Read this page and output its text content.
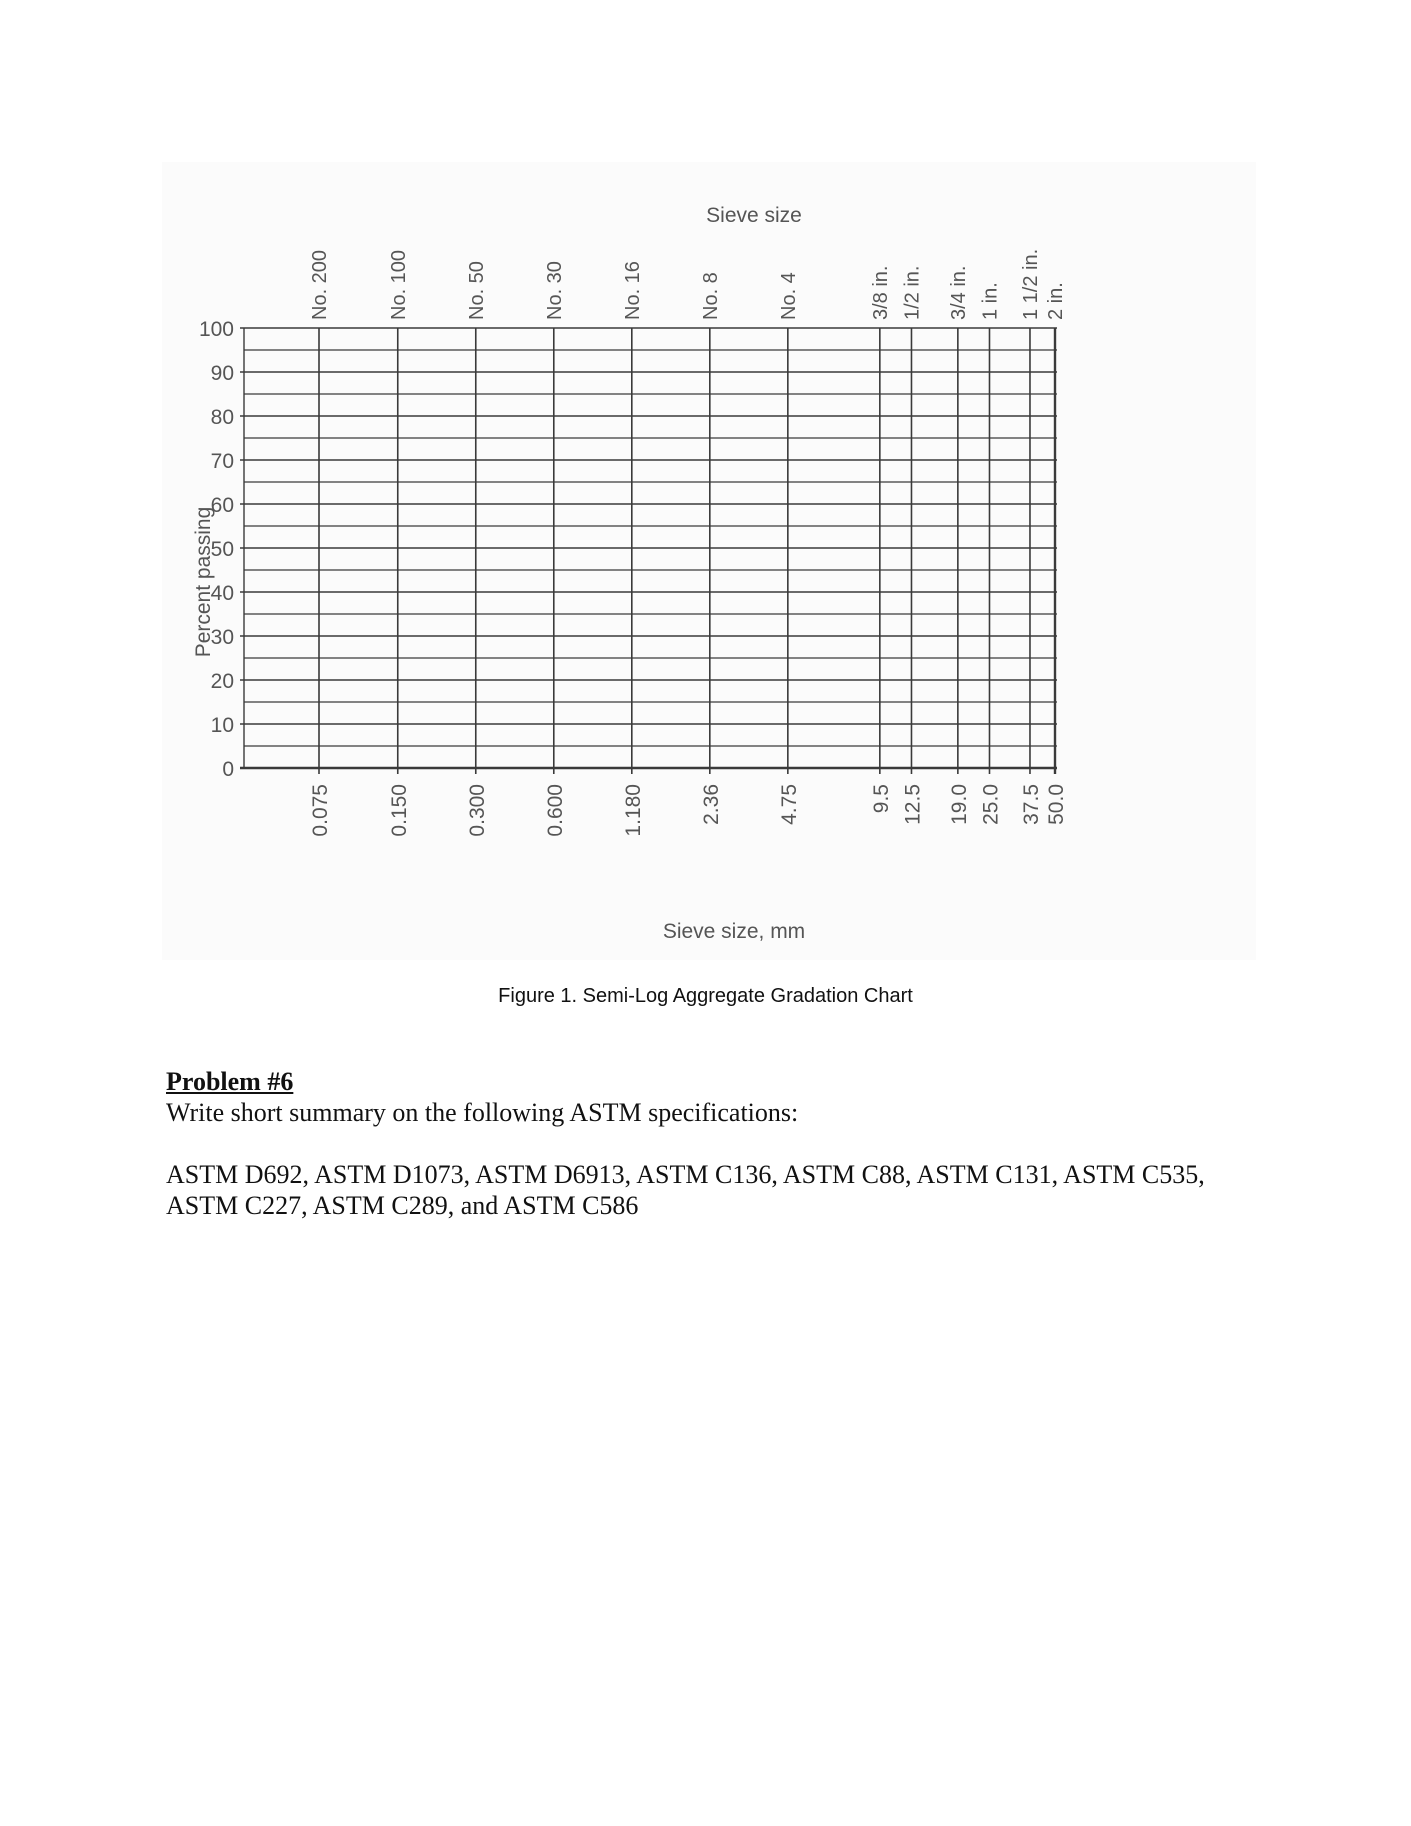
0
10
20
30
40
50
60
70
80
90
100
No. 200	No. 100	No. 50	No. 30	No. 16	No. 8	No. 4	3/8 in. 1/2 in. 3/4 in. 1 in. 1 1/2 in. 2 in.
0.075	0.150	0.300	0.600	1.180	2.36	4.75	9.5 12.5 19.0 25.0 37.5 50.0
Sieve size
Sieve size, mm
Percent passing
Figure 1. Semi-Log Aggregate Gradation Chart
Problem #6
Write short summary on the following ASTM specifications:
ASTM D692, ASTM D1073, ASTM D6913, ASTM C136, ASTM C88, ASTM C131, ASTM C535, ASTM C227, ASTM C289, and ASTM C586
